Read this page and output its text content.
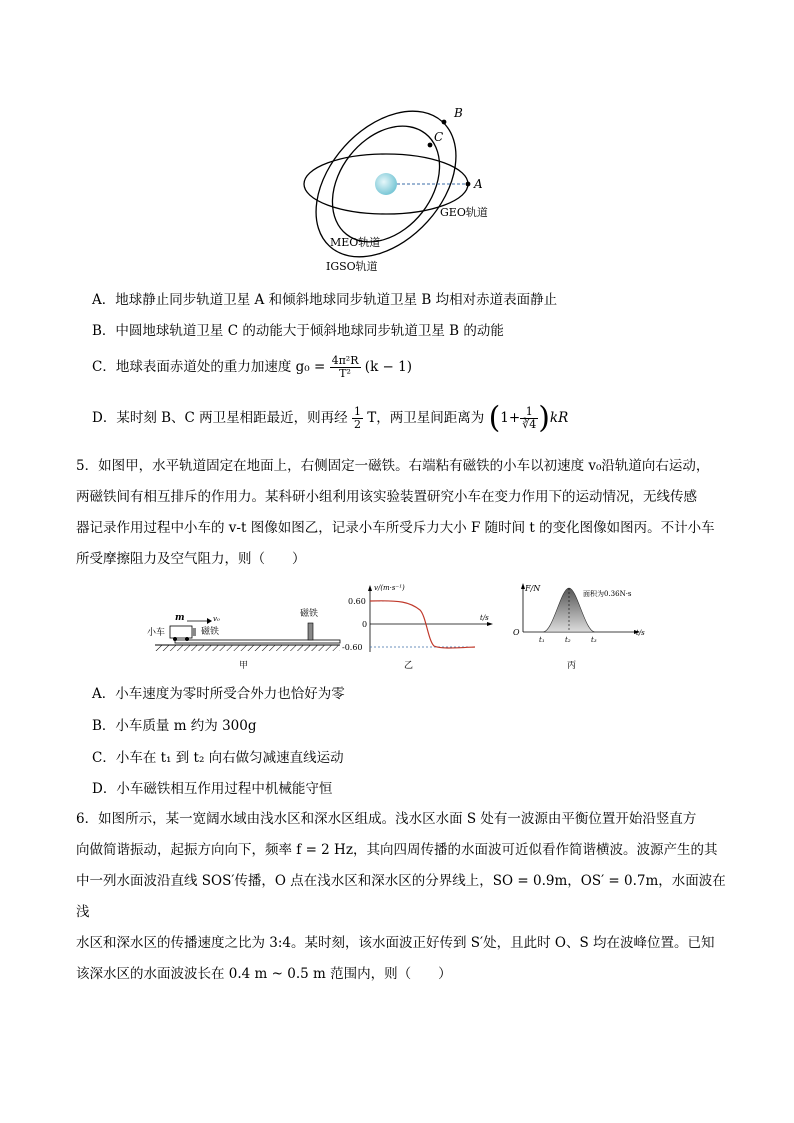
B
C
A
GEO轨道
MEO轨道
IGSO轨道
A．地球静止同步轨道卫星 A 和倾斜地球同步轨道卫星 B 均相对赤道表面静止
B．中圆地球轨道卫星 C 的动能大于倾斜地球同步轨道卫星 B 的动能
C．地球表面赤道处的重力加速度 $g_0 = \frac{\text{4π²R}}{\text{T²}} (k - 1)$
D．某时刻 B、C 两卫星相距最近，则再经 $\frac{1}{2}$ T，两卫星间距离为 $(1+ \frac{1}{∛4} )kR$

5．如图甲，水平轨道固定在地面上，右侧固定一磁铁。右端粘有磁铁的小车以初速度 v₀沿轨道向右运动，

两磁铁间有相互排斥的作用力。某科研小组利用该实验装置研究小车在变力作用下的运动情况，无线传感

器记录作用过程中小车的 v-t 图像如图乙，记录小车所受斥力大小 F 随时间 t 的变化图像如图丙。不计小车

所受摩擦阻力及空气阻力，则（　　）

m	v₀
小车	磁铁
磁铁
甲
v/(m·s⁻¹)
0.60
0
-0.60
t/s
乙
F/N
面积为0.36N·s
O
t₁	t₂	t₃
t/s
丙
A．小车速度为零时所受合外力也恰好为零
B．小车质量 m 约为 300g
C．小车在 t₁ 到 t₂ 向右做匀减速直线运动
D．小车磁铁相互作用过程中机械能守恒

6．如图所示，某一宽阔水域由浅水区和深水区组成。浅水区水面 S 处有一波源由平衡位置开始沿竖直方

向做简谐振动，起振方向向下，频率 f = 2 Hz，其向四周传播的水面波可近似看作简谐横波。波源产生的其

中一列水面波沿直线 SOS′传播，O 点在浅水区和深水区的分界线上，SO = 0.9m，OS′ = 0.7m，水面波在浅

水区和深水区的传播速度之比为 3:4。某时刻，该水面波正好传到 S′处，且此时 O、S 均在波峰位置。已知

该深水区的水面波波长在 0.4 m ~ 0.5 m 范围内，则（　　）
